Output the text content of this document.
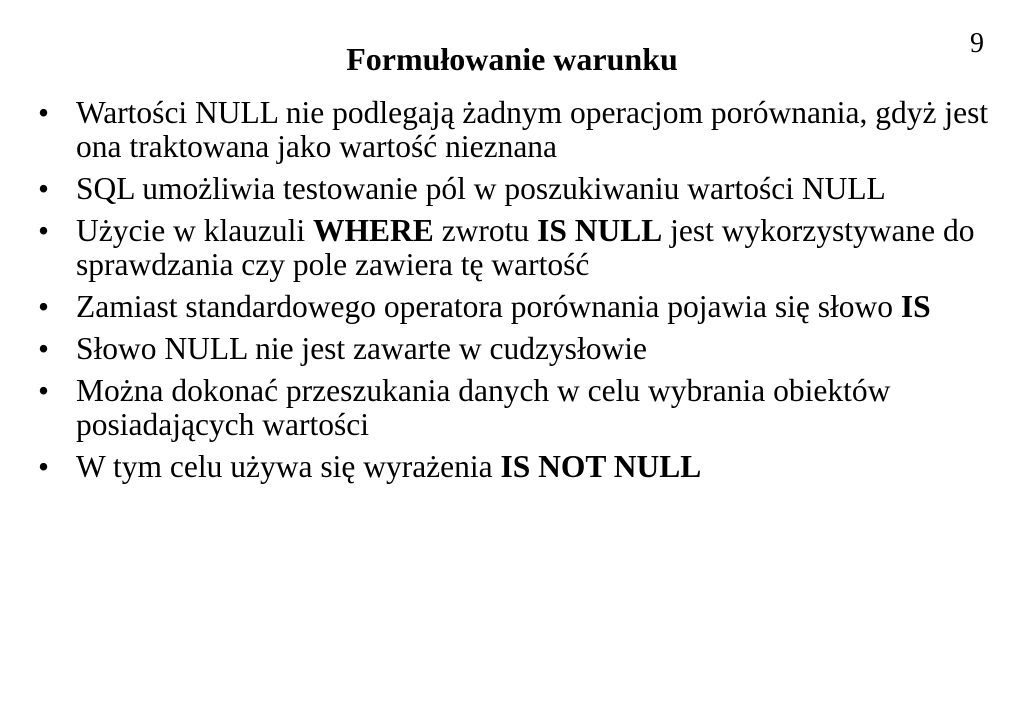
9
Formułowanie warunku
• Wartości NULL nie podlegają żadnym operacjom porównania, gdyż jest ona traktowana jako wartość nieznana
• SQL umożliwia testowanie pól w poszukiwaniu wartości NULL
• Użycie w klauzuli WHERE zwrotu IS NULL jest wykorzystywane do sprawdzania czy pole zawiera tę wartość
• Zamiast standardowego operatora porównania pojawia się słowo IS
• Słowo NULL nie jest zawarte w cudzysłowie
• Można dokonać przeszukania danych w celu wybrania obiektów posiadających wartości
• W tym celu używa się wyrażenia IS NOT NULL
